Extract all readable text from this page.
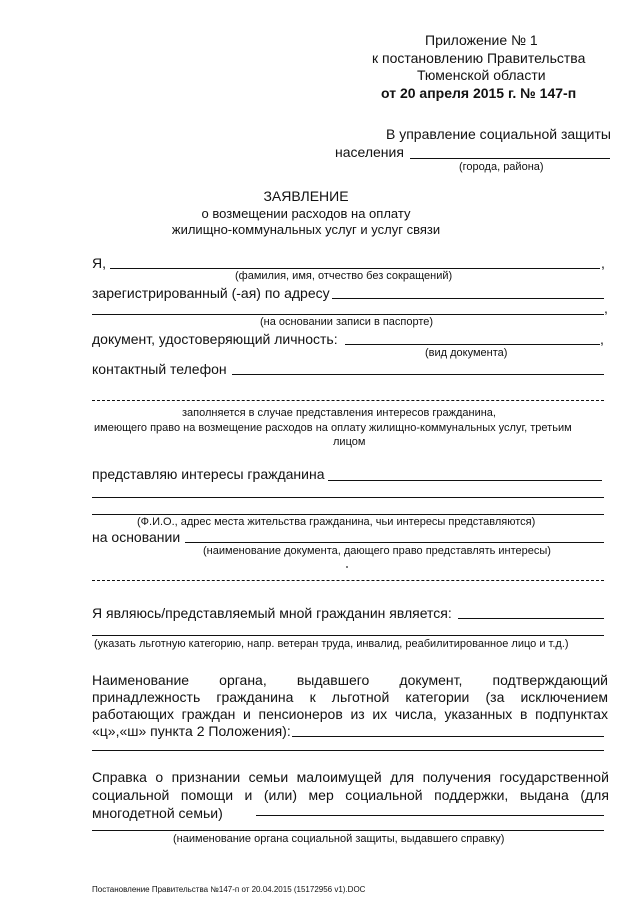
Приложение № 1
к постановлению Правительства
Тюменской области
от 20 апреля 2015 г. № 147-п
В управление социальной защиты
населения
(города, района)
ЗАЯВЛЕНИЕ
о возмещении расходов на оплату
жилищно-коммунальных услуг и услуг связи
Я,	,
(фамилия, имя, отчество без сокращений)
зарегистрированный (-ая) по адресу
,
(на основании записи в паспорте)
документ, удостоверяющий личность:	,
(вид документа)
контактный телефон
заполняется в случае представления интересов гражданина,
имеющего право на возмещение расходов на оплату жилищно-коммунальных услуг, третьим
лицом
представляю интересы гражданина
(Ф.И.О., адрес места жительства гражданина, чьи интересы представляются)
на основании
(наименование документа, дающего право представлять интересы)
Я являюсь/представляемый мной гражданин является:
(указать льготную категорию, напр. ветеран труда, инвалид, реабилитированное лицо и т.д.)
Наименование органа, выдавшего документ, подтверждающий
принадлежность гражданина к льготной категории (за исключением
работающих граждан и пенсионеров из их числа, указанных в подпунктах
«ц»,«ш» пункта 2 Положения):
Справка о признании семьи малоимущей для получения государственной
социальной помощи и (или) мер социальной поддержки, выдана (для
многодетной семьи)
(наименование органа социальной защиты, выдавшего справку)
Постановление Правительства №147-п от 20.04.2015 (15172956 v1).DOC
